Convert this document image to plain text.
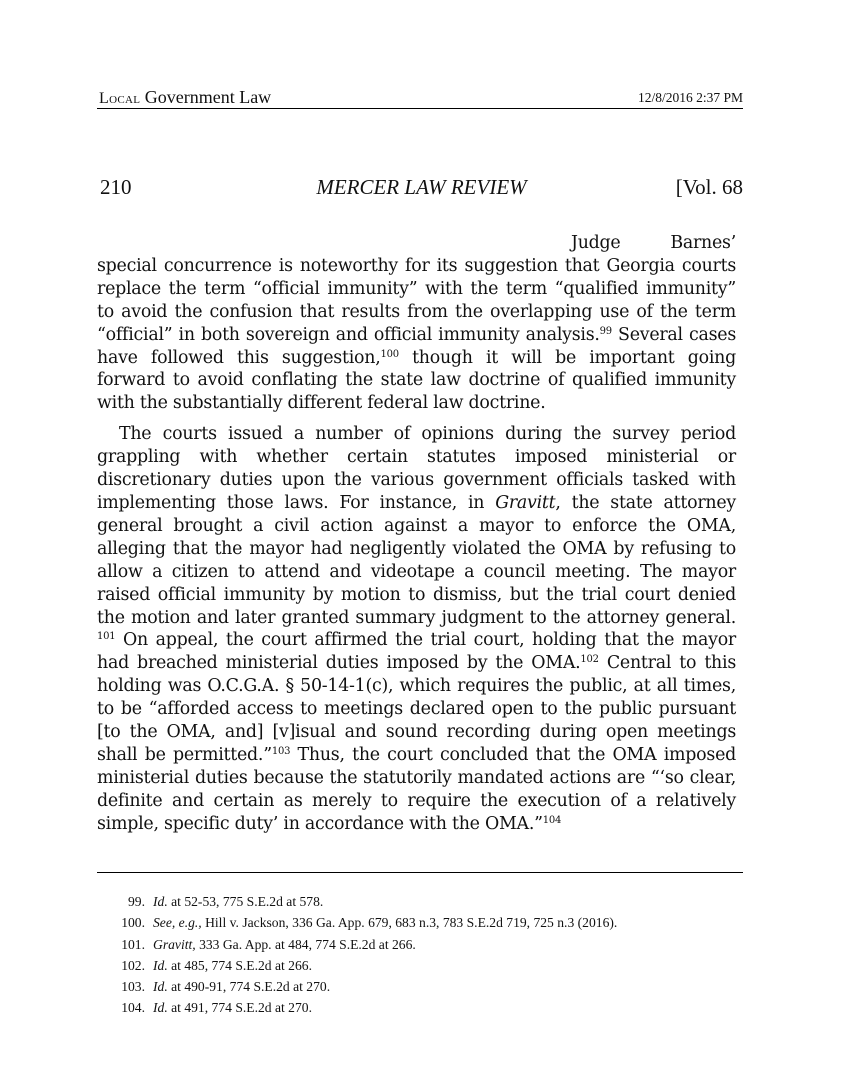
Local Government Law	12/8/2016 2:37 PM
210	MERCER LAW REVIEW	[Vol. 68

Judge Barnes’ special concurrence is noteworthy for its suggestion that Georgia courts replace the term “official immunity” with the term “qualified immunity” to avoid the confusion that results from the overlapping use of the term “official” in both sovereign and official immunity analysis.$^{99}$ Several cases have followed this suggestion,$^{100}$ though it will be important going forward to avoid conflating the state law doctrine of qualified immunity with the substantially different federal law doctrine.

The courts issued a number of opinions during the survey period grappling with whether certain statutes imposed ministerial or discretionary duties upon the various government officials tasked with implementing those laws. For instance, in Gravitt, the state attorney general brought a civil action against a mayor to enforce the OMA, alleging that the mayor had negligently violated the OMA by refusing to allow a citizen to attend and videotape a council meeting. The mayor raised official immunity by motion to dismiss, but the trial court denied the motion and later granted summary judgment to the attorney general. $^{101}$ On appeal, the court affirmed the trial court, holding that the mayor had breached ministerial duties imposed by the OMA.$^{102}$ Central to this holding was O.C.G.A. § 50-14-1(c), which requires the public, at all times, to be “afforded access to meetings declared open to the public pursuant [to the OMA, and] [v]isual and sound recording during open meetings shall be permitted.”$^{103}$ Thus, the court concluded that the OMA imposed ministerial duties because the statutorily mandated actions are “‘so clear, definite and certain as merely to require the execution of a relatively simple, specific duty’ in accordance with the OMA.”$^{104}$

99. Id. at 52-53, 775 S.E.2d at 578.
100. See, e.g., Hill v. Jackson, 336 Ga. App. 679, 683 n.3, 783 S.E.2d 719, 725 n.3 (2016).
101. Gravitt, 333 Ga. App. at 484, 774 S.E.2d at 266.
102. Id. at 485, 774 S.E.2d at 266.
103. Id. at 490-91, 774 S.E.2d at 270.
104. Id. at 491, 774 S.E.2d at 270.
